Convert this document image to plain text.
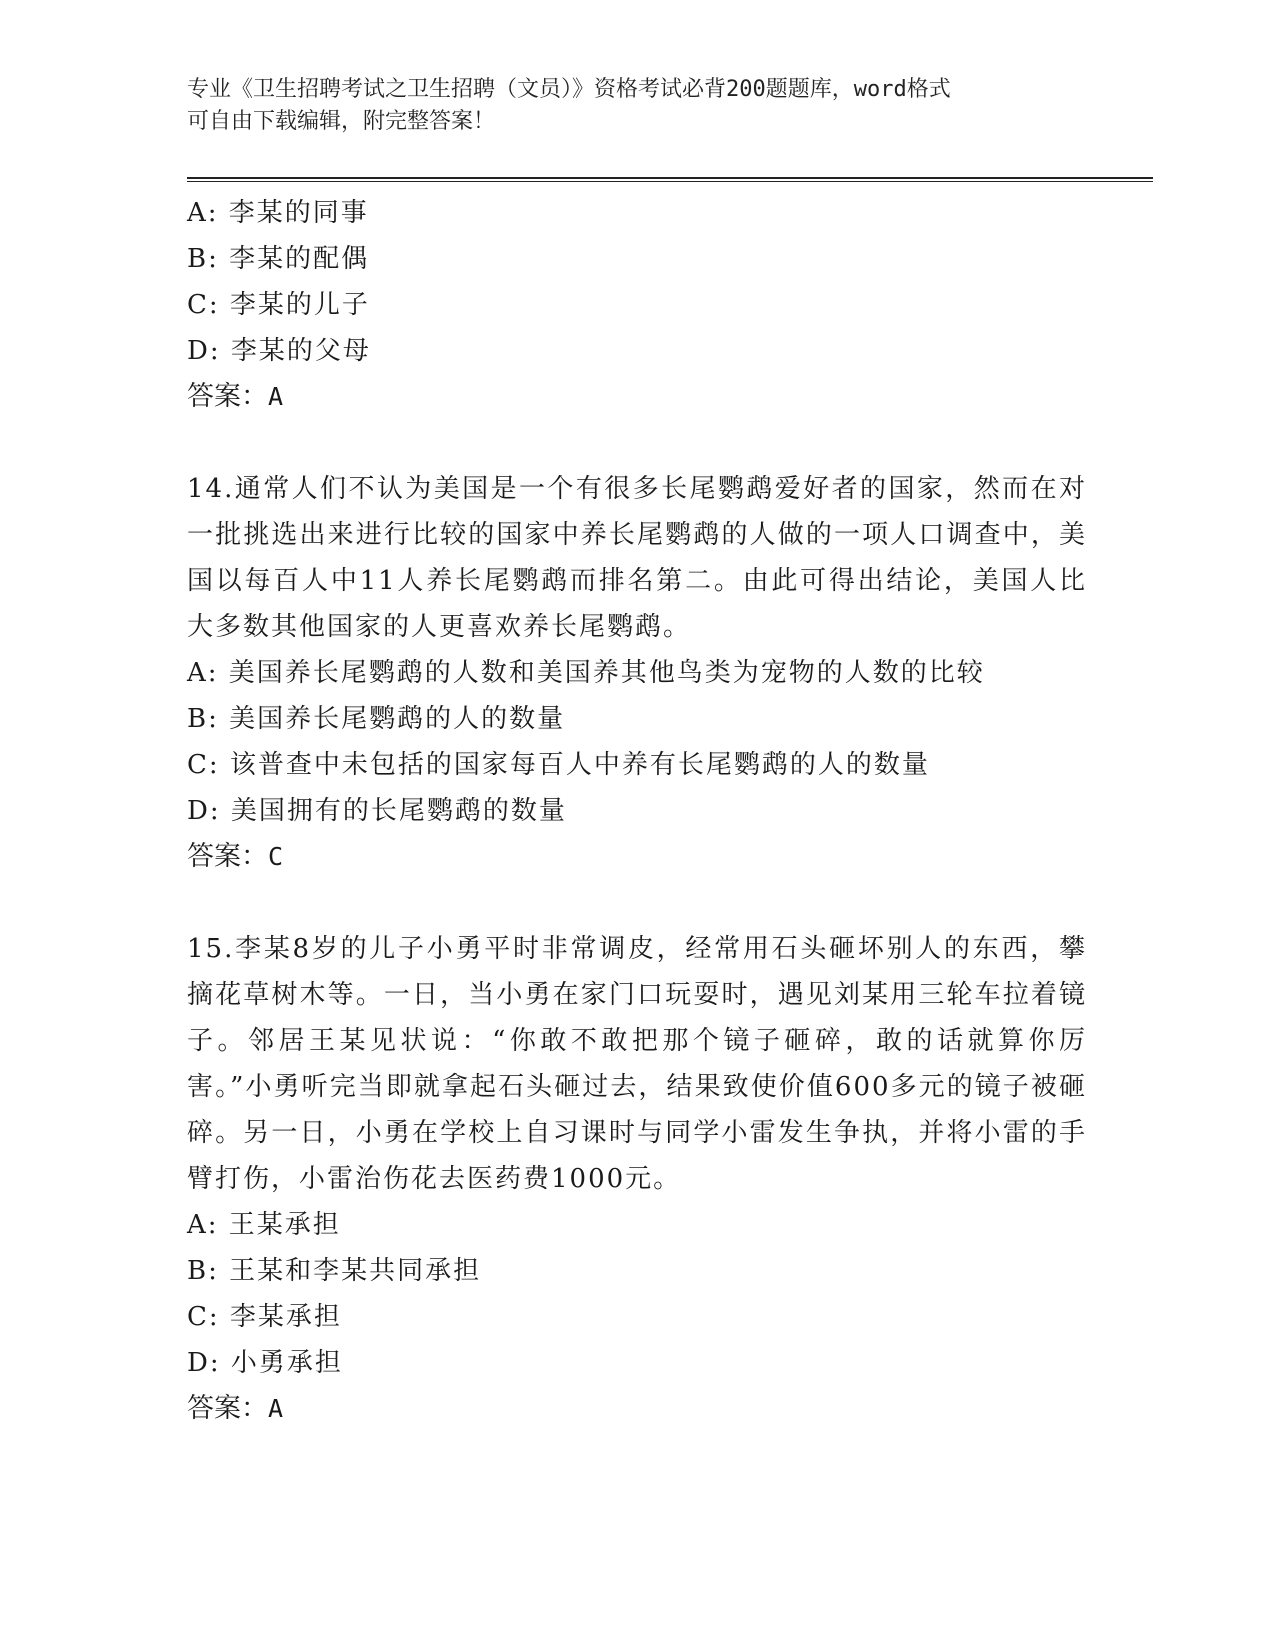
专业《卫生招聘考试之卫生招聘（文员）》资格考试必背200题题库，word格式
可自由下载编辑，附完整答案！
A: 李某的同事
B: 李某的配偶
C: 李某的儿子
D: 李某的父母
答案：A
14.通常人们不认为美国是一个有很多长尾鹦鹉爱好者的国家，然而在对一批挑选出来进行比较的国家中养长尾鹦鹉的人做的一项人口调查中，美国以每百人中11人养长尾鹦鹉而排名第二。由此可得出结论，美国人比大多数其他国家的人更喜欢养长尾鹦鹉。
A: 美国养长尾鹦鹉的人数和美国养其他鸟类为宠物的人数的比较
B: 美国养长尾鹦鹉的人的数量
C: 该普查中未包括的国家每百人中养有长尾鹦鹉的人的数量
D: 美国拥有的长尾鹦鹉的数量
答案：C
15.李某8岁的儿子小勇平时非常调皮，经常用石头砸坏别人的东西，攀摘花草树木等。一日，当小勇在家门口玩耍时，遇见刘某用三轮车拉着镜子。邻居王某见状说：“你敢不敢把那个镜子砸碎，敢的话就算你厉害。”小勇听完当即就拿起石头砸过去，结果致使价值600多元的镜子被砸碎。另一日，小勇在学校上自习课时与同学小雷发生争执，并将小雷的手臂打伤，小雷治伤花去医药费1000元。
A: 王某承担
B: 王某和李某共同承担
C: 李某承担
D: 小勇承担
答案：A
